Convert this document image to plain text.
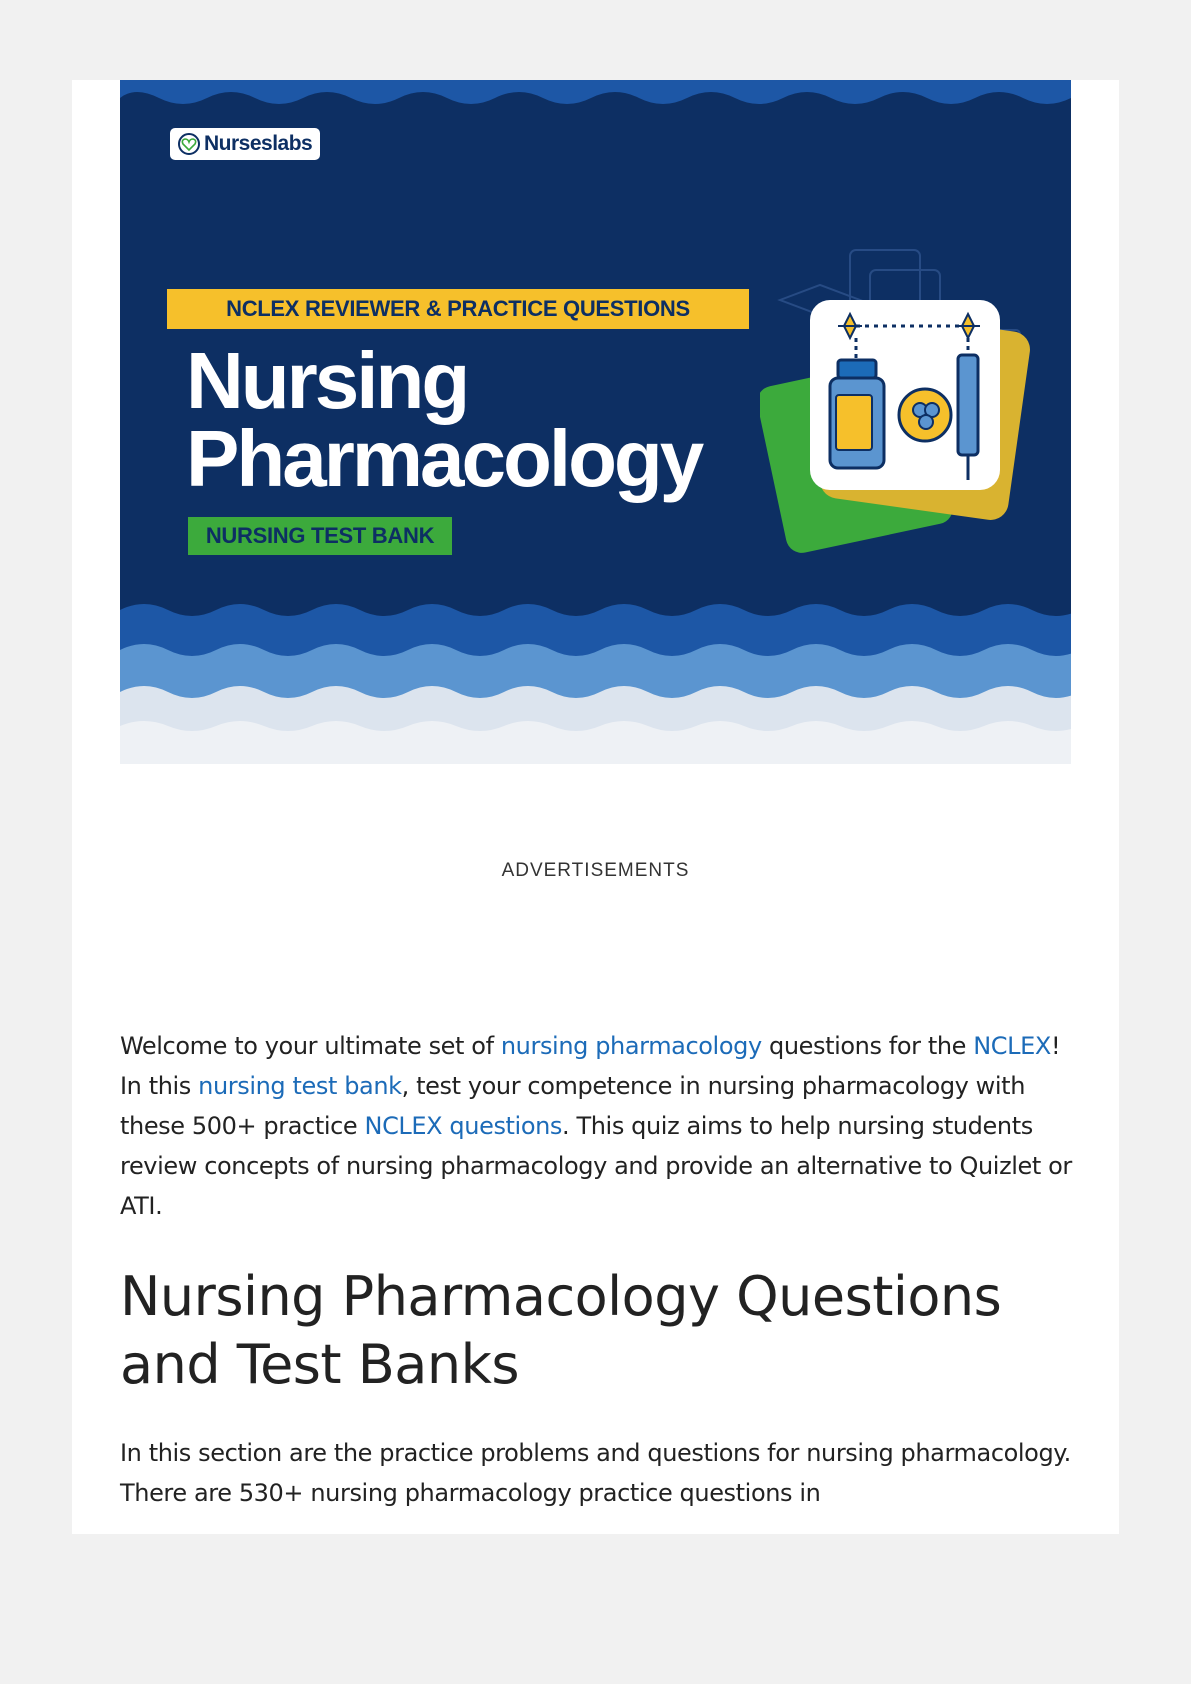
Nurseslabs
NCLEX REVIEWER & PRACTICE QUESTIONS
Nursing
Pharmacology
NURSING TEST BANK
ADVERTISEMENTS

Welcome to your ultimate set of nursing pharmacology questions for the NCLEX! In this nursing test bank, test your competence in nursing pharmacology with these 500+ practice NCLEX questions. This quiz aims to help nursing students review concepts of nursing pharmacology and provide an alternative to Quizlet or ATI.

Nursing Pharmacology Questions and Test Banks

In this section are the practice problems and questions for nursing pharmacology. There are 530+ nursing pharmacology practice questions in
